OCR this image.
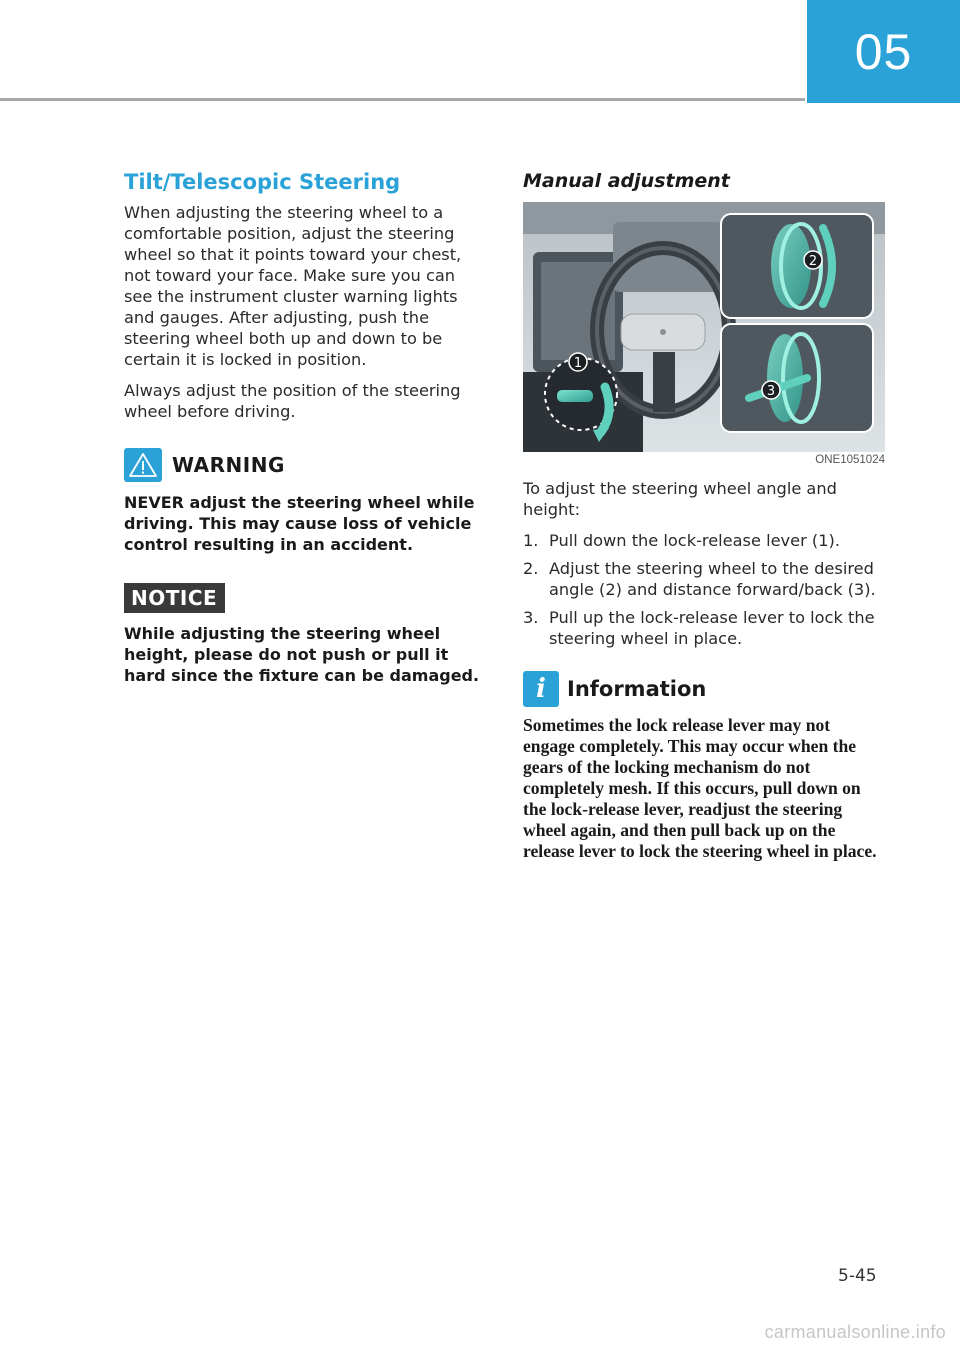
05
Tilt/Telescopic Steering

When adjusting the steering wheel to a comfortable position, adjust the steering wheel so that it points toward your chest, not toward your face. Make sure you can see the instrument cluster warning lights and gauges. After adjusting, push the steering wheel both up and down to be certain it is locked in position.

Always adjust the position of the steering wheel before driving.

WARNING

NEVER adjust the steering wheel while driving. This may cause loss of vehicle control resulting in an accident.

NOTICE

While adjusting the steering wheel height, please do not push or pull it hard since the fixture can be damaged.

Manual adjustment
1
2
3
ONE1051024

To adjust the steering wheel angle and height:

1. Pull down the lock-release lever (1).
2. Adjust the steering wheel to the desired angle (2) and distance forward/back (3).
3. Pull up the lock-release lever to lock the steering wheel in place.
i	Information

Sometimes the lock release lever may not engage completely. This may occur when the gears of the locking mechanism do not completely mesh. If this occurs, pull down on the lock-release lever, readjust the steering wheel again, and then pull back up on the release lever to lock the steering wheel in place.

5-45
carmanualsonline.info
